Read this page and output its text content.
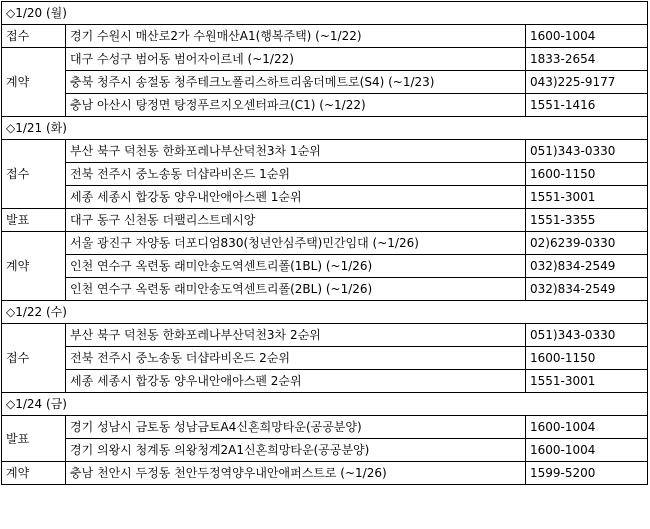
◇1/20 (월)		
접수	경기 수원시 매산로2가 수원매산A1(행복주택) (~1/22)	1600-1004
계약	대구 수성구 범어동 범어자이르네 (~1/22)	1833-2654
	충북 청주시 송절동 청주테크노폴리스하트리움더메트로(S4) (~1/23)	043)225-9177
	충남 아산시 탕정면 탕정푸르지오센터파크(C1) (~1/22)	1551-1416
◇1/21 (화)		
접수	부산 북구 덕천동 한화포레나부산덕천3차 1순위	051)343-0330
	전북 전주시 중노송동 더샵라비온드 1순위	1600-1150
	세종 세종시 합강동 양우내안애아스펜 1순위	1551-3001
발표	대구 동구 신천동 더팰리스트데시앙	1551-3355
계약	서울 광진구 자양동 더포디엄830(청년안심주택)민간임대 (~1/26)	02)6239-0330
	인천 연수구 옥련동 래미안송도역센트리폴(1BL) (~1/26)	032)834-2549
	인천 연수구 옥련동 래미안송도역센트리폴(2BL) (~1/26)	032)834-2549
◇1/22 (수)		
접수	부산 북구 덕천동 한화포레나부산덕천3차 2순위	051)343-0330
	전북 전주시 중노송동 더샵라비온드 2순위	1600-1150
	세종 세종시 합강동 양우내안애아스펜 2순위	1551-3001
◇1/24 (금)		
발표	경기 성남시 금토동 성남금토A4신혼희망타운(공공분양)	1600-1004
	경기 의왕시 청계동 의왕청계2A1신혼희망타운(공공분양)	1600-1004
계약	충남 천안시 두정동 천안두정역양우내안애퍼스트로 (~1/26)	1599-5200
